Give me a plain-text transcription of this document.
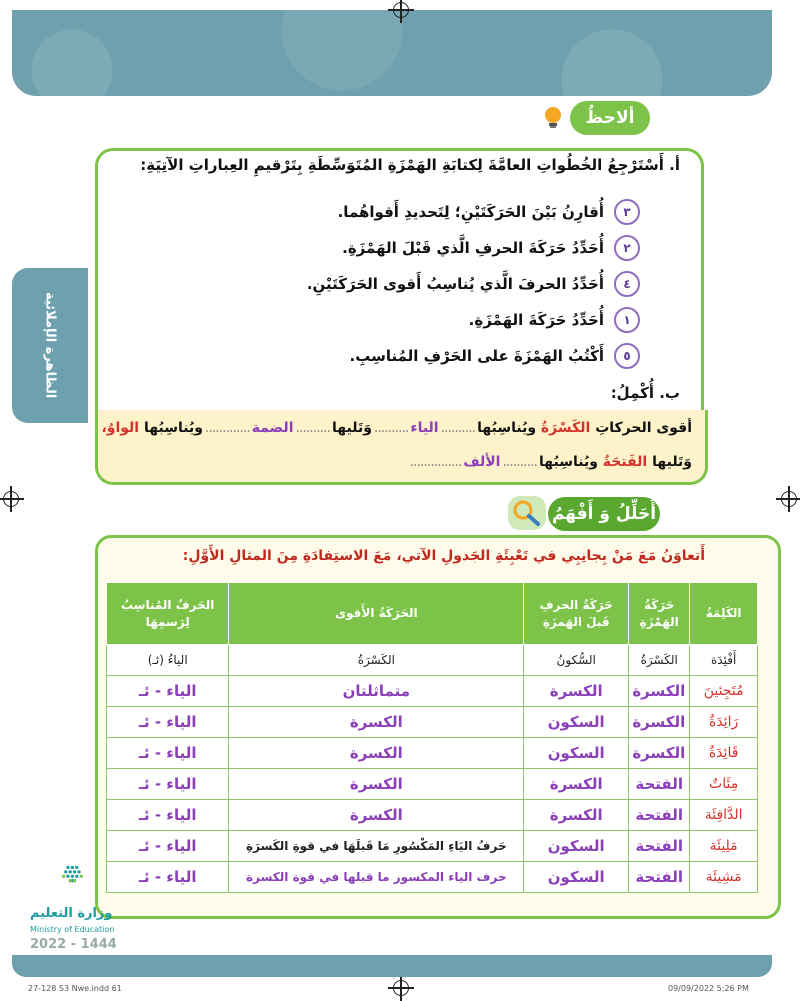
الظاهرة الإملائية
ألاحظُ
أ. أَسْتَرْجِعُ الخُطُواتِ العامَّةَ لِكتابَةِ الهَمْزَةِ المُتَوَسِّطَةِ بِتَرْقيمِ العِباراتِ الآتِيَةِ:
٣
أُقارِنُ بَيْنَ الحَرَكَتَيْنِ؛ لِتَحديدِ أَقواهُما.
٢
أُحَدِّدُ حَرَكَةَ الحرفِ الَّذي قَبْلَ الهَمْزَةِ.
٤
أُحَدِّدُ الحرفَ الَّذي يُناسِبُ أَقوى الحَرَكَتَيْنِ.
١
أُحَدِّدُ حَرَكَةَ الهَمْزَةِ.
٥
أَكْتُبُ الهَمْزَةَ على الحَرْفِ المُناسِبِ.
ب. أُكْمِلُ:
أقوى الحركاتِ

الكَسْرَةُ

ويُناسِبُها
..........
الياء
..........
وَتَليها
..........
الضمة
.............
ويُناسِبُها

الواوُ،
وَتَليها

الفَتحَةُ

ويُناسِبُها
..........
الألف
...............
أُحَلِّلُ وَ أَفْهَمُ
أَتعاوَنُ مَعَ مَنْ بِجانِبِي في تَعْبِئَةِ الجَدولِ الآتي، مَعَ الاستِفادَةِ مِنَ المثالِ الأَوَّلِ:
الكَلِمَةُ	حَرَكَةُ الهَمْزَةِ	حَرَكَةُ الحرفِ قَبلَ الهَمزَةِ	الحَرَكَةُ الأَقوى	الحَرفُ المُناسِبُ لِرَسمِهَا
أَفْئِدَة	الكَسْرَةُ	السُّكونُ	الكَسْرَةُ	الياءُ (ئـ)
مُتَجِئينَ	الكسرة	الكسرة	متماثلتان	الياء - ئـ
رَائِدَةٌ	الكسرة	السكون	الكسرة	الياء - ئـ
قَائِدَةٌ	الكسرة	السكون	الكسرة	الياء - ئـ
مِئَاتٌ	الفتحة	الكسرة	الكسرة	الياء - ئـ
الدَّافِئَة	الفتحة	الكسرة	الكسرة	الياء - ئـ
مَلِيئَة	الفتحة	السكون	حَرفُ اليَاءِ المَكْسُورِ مَا قَبلَهَا في قوةِ الكَسرَةِ	الياء - ئـ
مَشِيئَة	الفتحة	السكون	حرف الياء المكسور ما قبلها في قوة الكسرة	الياء - ئـ
وزارة التعليم
Ministry of Education
2022 - 1444
27-128 S3 Nwe.indd 61	09/09/2022 5:26 PM
